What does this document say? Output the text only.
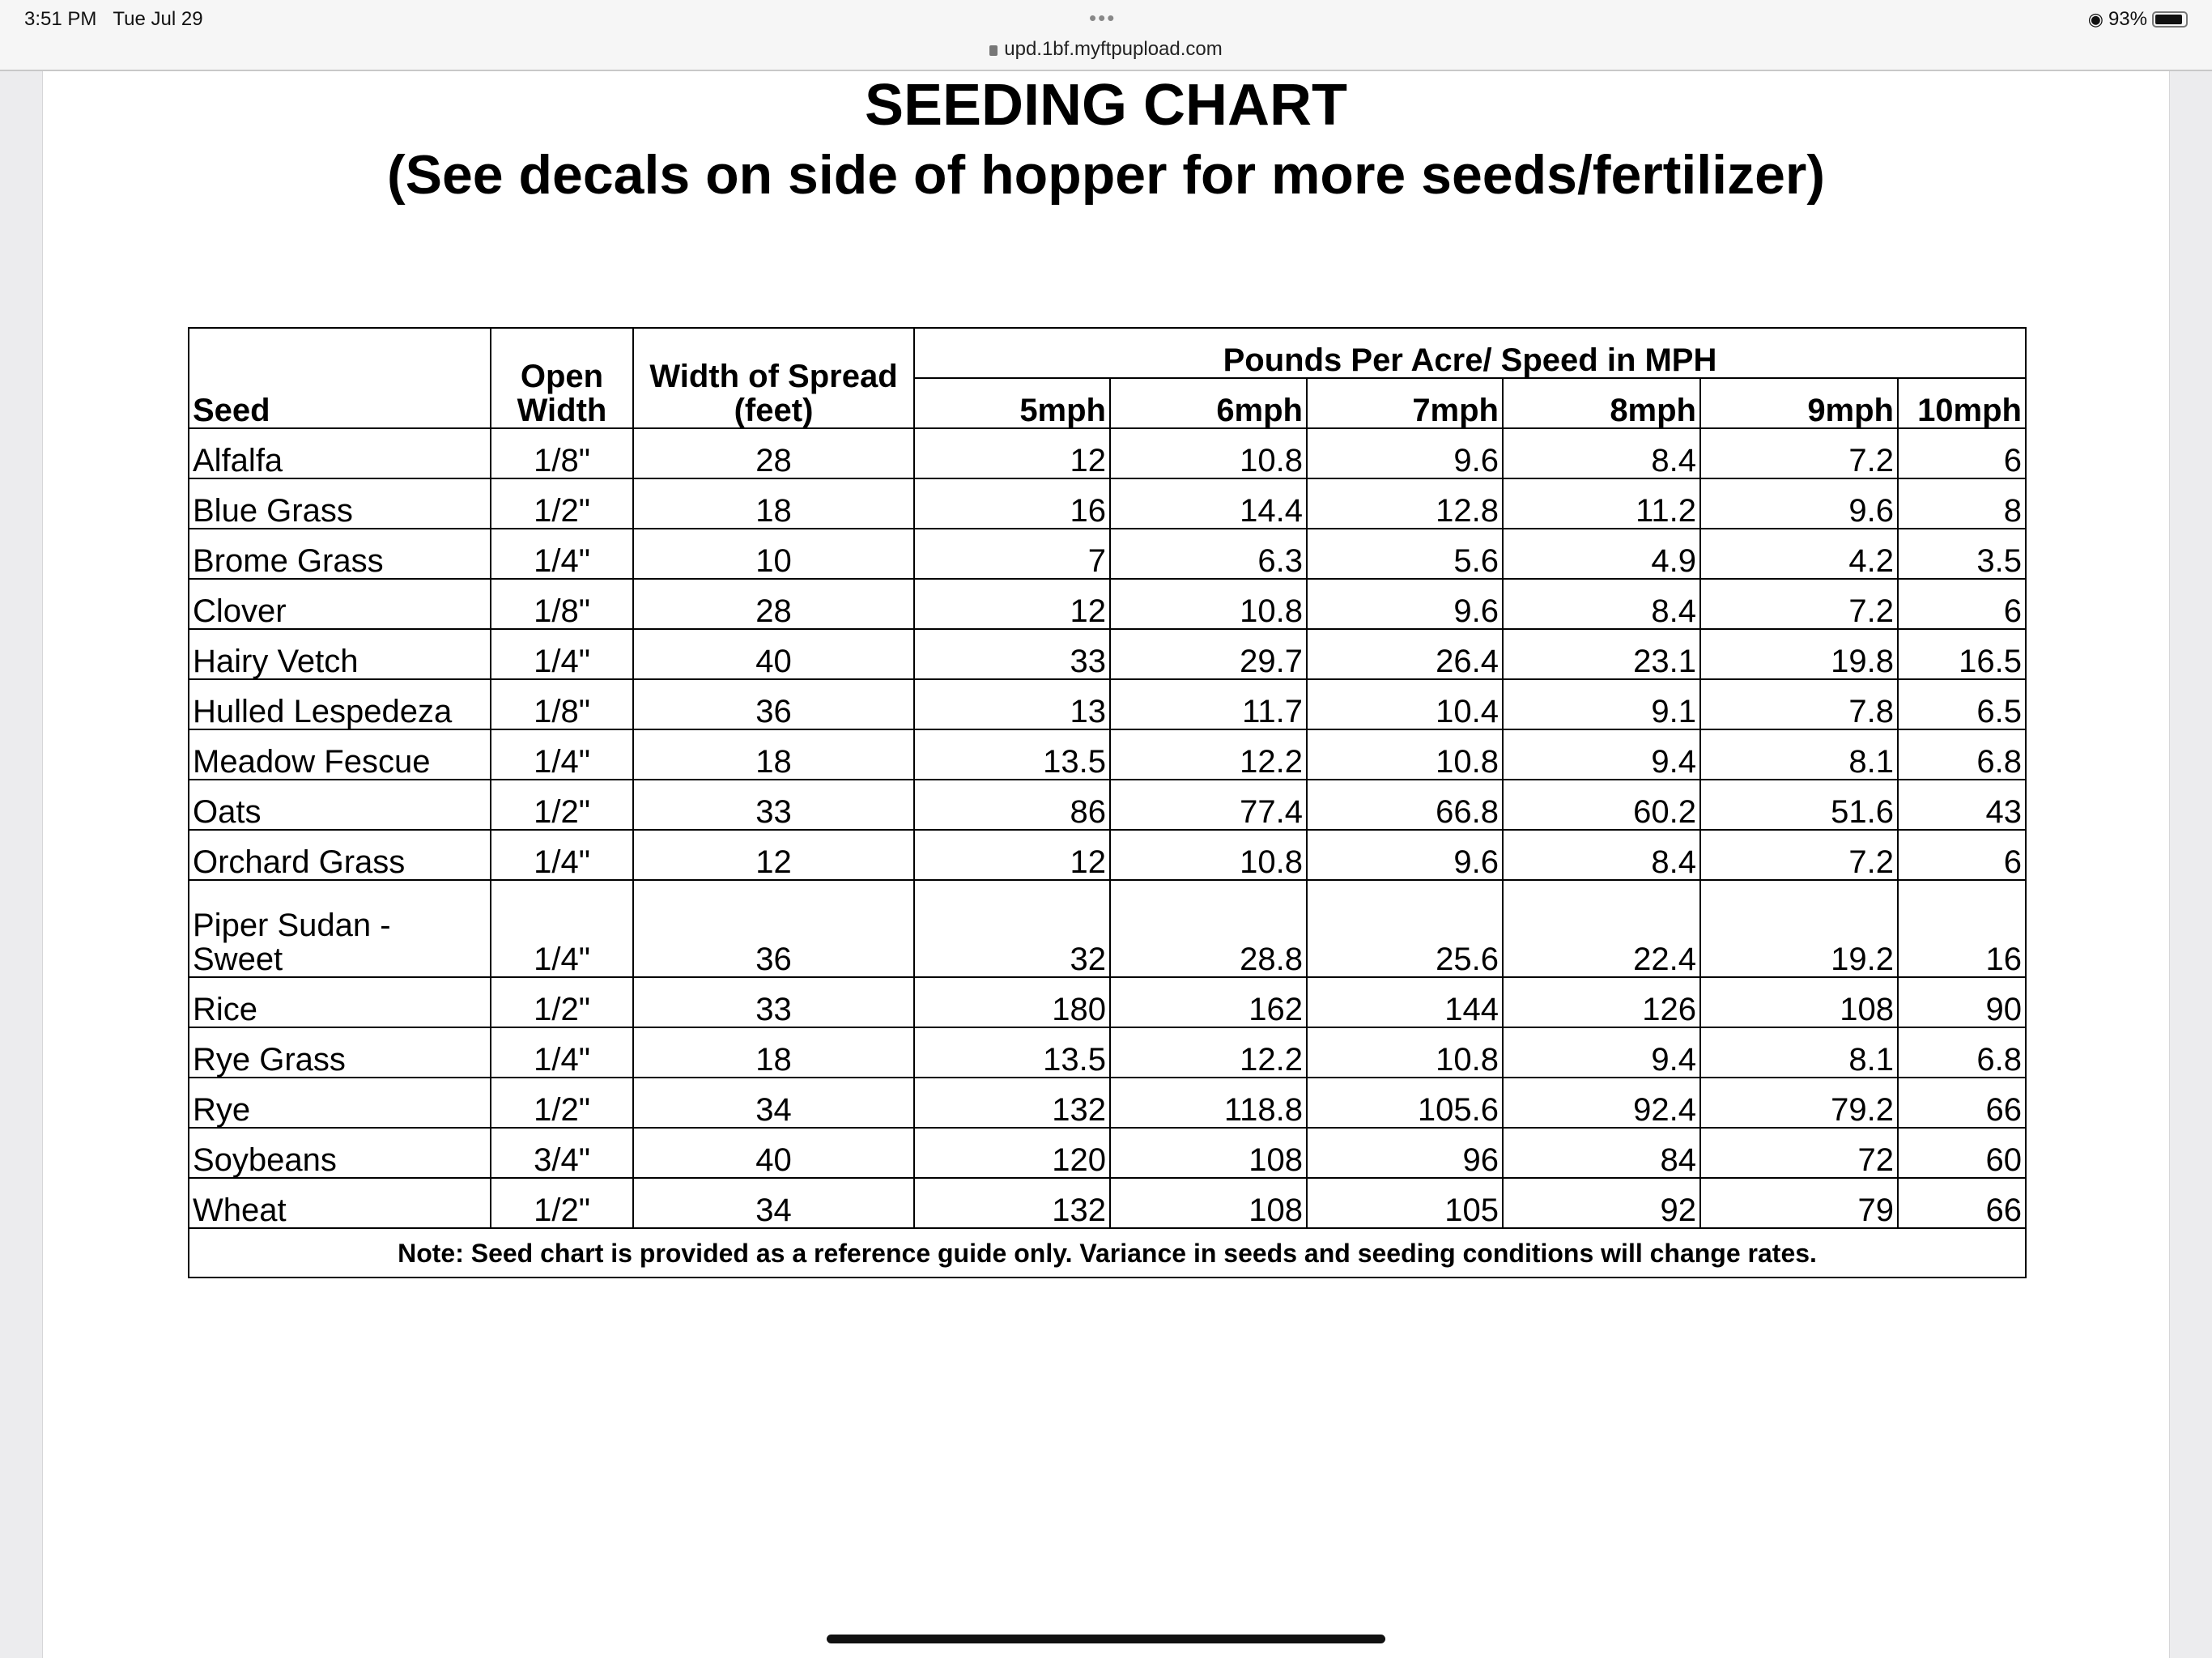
3:51 PM Tue Jul 29	•••
upd.1bf.myftpupload.com
◉ 93%
SEEDING CHART
(See decals on side of hopper for more seeds/fertilizer)
Seed	Open Width	Width of Spread (feet)	Pounds Per Acre/ Speed in MPH					
			5mph	6mph	7mph	8mph	9mph	10mph
Alfalfa	1/8"	28	12	10.8	9.6	8.4	7.2	6
Blue Grass	1/2"	18	16	14.4	12.8	11.2	9.6	8
Brome Grass	1/4"	10	7	6.3	5.6	4.9	4.2	3.5
Clover	1/8"	28	12	10.8	9.6	8.4	7.2	6
Hairy Vetch	1/4"	40	33	29.7	26.4	23.1	19.8	16.5
Hulled Lespedeza	1/8"	36	13	11.7	10.4	9.1	7.8	6.5
Meadow Fescue	1/4"	18	13.5	12.2	10.8	9.4	8.1	6.8
Oats	1/2"	33	86	77.4	66.8	60.2	51.6	43
Orchard Grass	1/4"	12	12	10.8	9.6	8.4	7.2	6
Piper Sudan - Sweet	1/4"	36	32	28.8	25.6	22.4	19.2	16
Rice	1/2"	33	180	162	144	126	108	90
Rye Grass	1/4"	18	13.5	12.2	10.8	9.4	8.1	6.8
Rye	1/2"	34	132	118.8	105.6	92.4	79.2	66
Soybeans	3/4"	40	120	108	96	84	72	60
Wheat	1/2"	34	132	108	105	92	79	66
Note: Seed chart is provided as a reference guide only. Variance in seeds and seeding conditions will change rates.								
